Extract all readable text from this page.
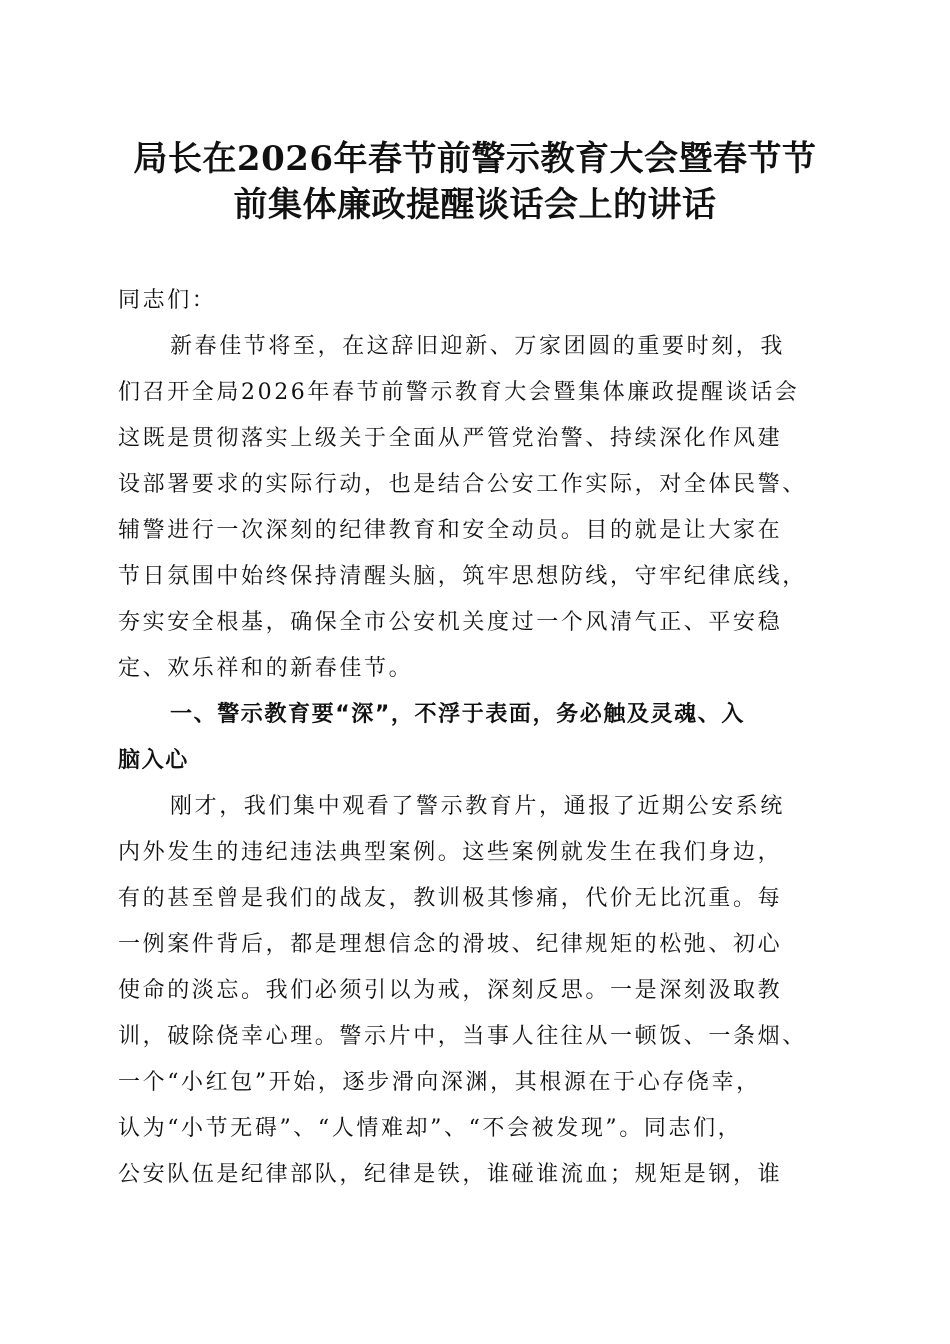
局长在2026年春节前警示教育大会暨春节节
前集体廉政提醒谈话会上的讲话
同志们：
新春佳节将至，在这辞旧迎新、万家团圆的重要时刻，我
们召开全局2026年春节前警示教育大会暨集体廉政提醒谈话会
这既是贯彻落实上级关于全面从严管党治警、持续深化作风建
设部署要求的实际行动，也是结合公安工作实际，对全体民警、
辅警进行一次深刻的纪律教育和安全动员。目的就是让大家在
节日氛围中始终保持清醒头脑，筑牢思想防线，守牢纪律底线，
夯实安全根基，确保全市公安机关度过一个风清气正、平安稳
定、欢乐祥和的新春佳节。
一、警示教育要“深”，不浮于表面，务必触及灵魂、入
脑入心
刚才，我们集中观看了警示教育片，通报了近期公安系统
内外发生的违纪违法典型案例。这些案例就发生在我们身边，
有的甚至曾是我们的战友，教训极其惨痛，代价无比沉重。每
一例案件背后，都是理想信念的滑坡、纪律规矩的松弛、初心
使命的淡忘。我们必须引以为戒，深刻反思。一是深刻汲取教
训，破除侥幸心理。警示片中，当事人往往从一顿饭、一条烟、
一个“小红包”开始，逐步滑向深渊，其根源在于心存侥幸，
认为“小节无碍”、“人情难却”、“不会被发现”。同志们，
公安队伍是纪律部队，纪律是铁，谁碰谁流血；规矩是钢，谁
